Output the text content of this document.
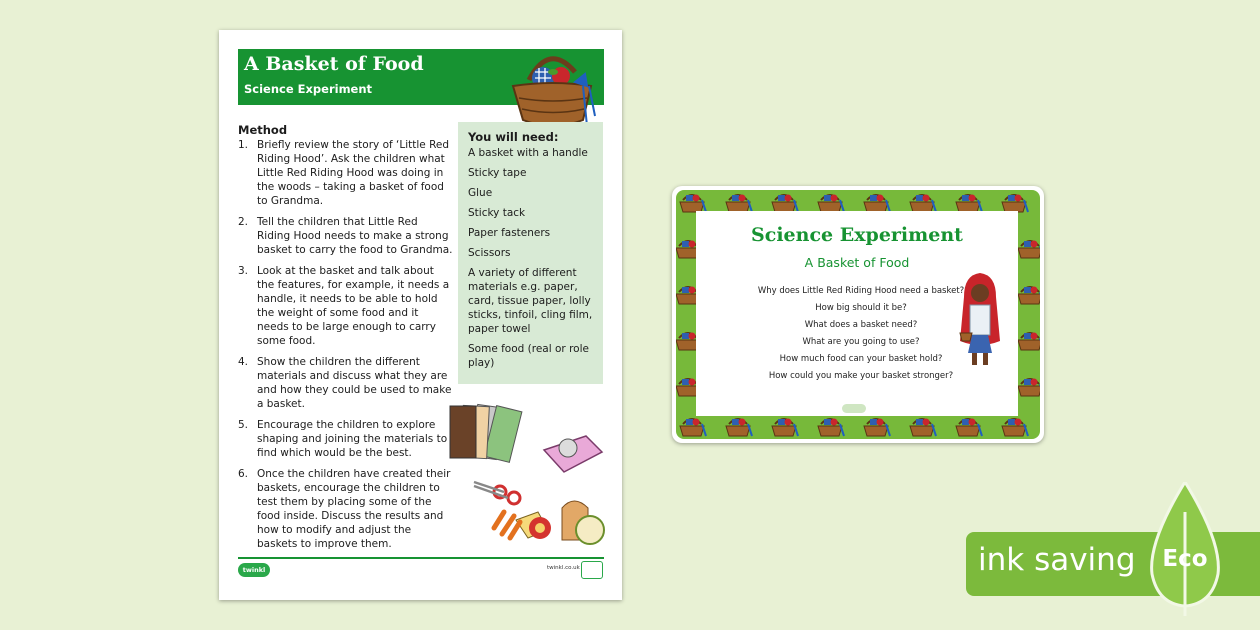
A Basket of Food
Science Experiment
Method
1. Briefly review the story of ‘Little Red Riding Hood’. Ask the children what Little Red Riding Hood was doing in the woods – taking a basket of food to Grandma.
2. Tell the children that Little Red Riding Hood needs to make a strong basket to carry the food to Grandma.
3. Look at the basket and talk about the features, for example, it needs a handle, it needs to be able to hold the weight of some food and it needs to be large enough to carry some food.
4. Show the children the different materials and discuss what they are and how they could be used to make a basket.
5. Encourage the children to explore shaping and joining the materials to find which would be the best.
6. Once the children have created their baskets, encourage the children to test them by placing some of the food inside. Discuss the results and how to modify and adjust the baskets to improve them.
You will need:
A basket with a handle
Sticky tape
Glue
Sticky tack
Paper fasteners
Scissors
A variety of different materials e.g. paper, card, tissue paper, lolly sticks, tinfoil, cling film, paper towel
Some food (real or role play)
twinkl	twinkl.co.uk
Science Experiment
A Basket of Food
Why does Little Red Riding Hood need a basket?
How big should it be?
What does a basket need?
What are you going to use?
How much food can your basket hold?
How could you make your basket stronger?
ink saving	Eco
